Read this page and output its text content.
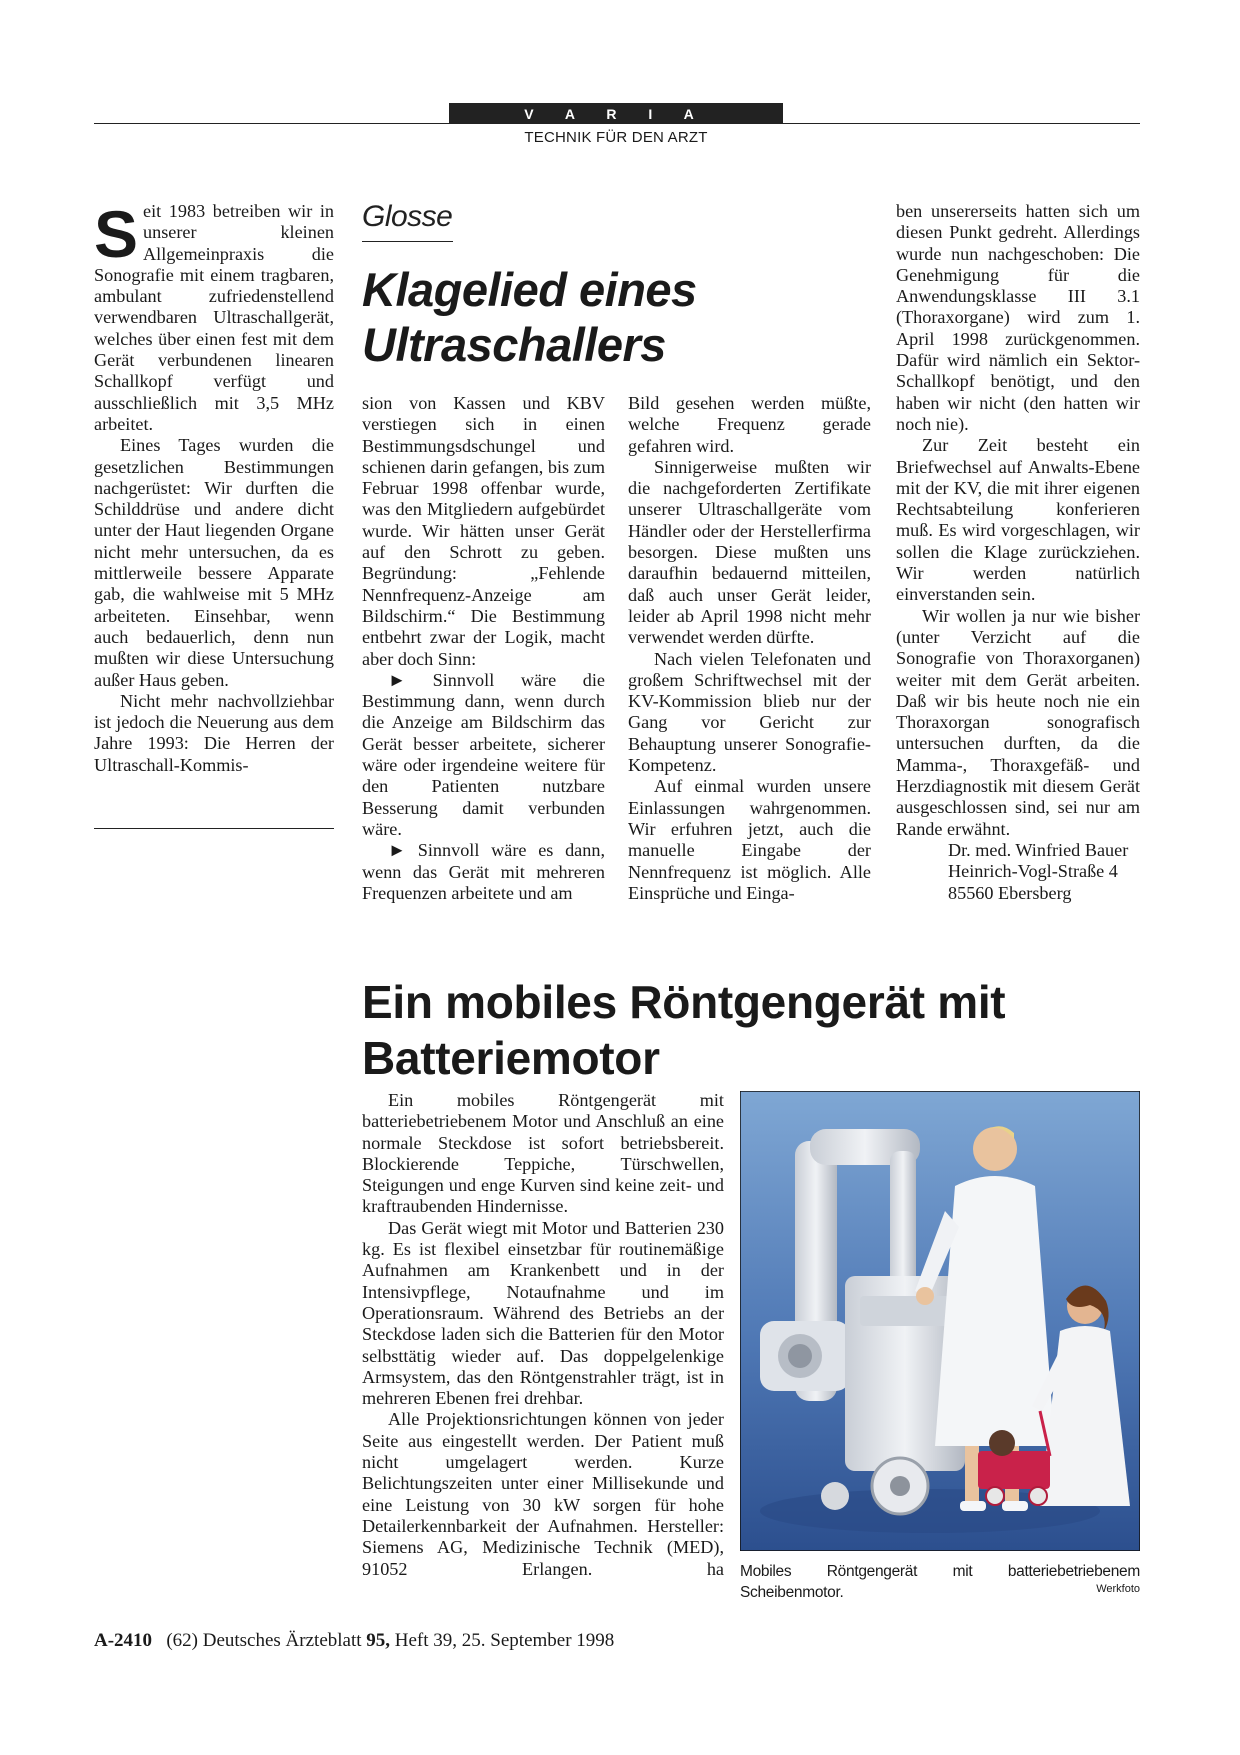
V A R I A
TECHNIK FÜR DEN ARZT
Glosse
Klagelied eines
Ultraschallers

Seit 1983 betreiben wir in unserer kleinen Allgemeinpraxis die Sonografie mit einem tragbaren, ambulant zufriedenstellend verwendbaren Ultraschallgerät, welches über einen fest mit dem Gerät verbundenen linearen Schallkopf verfügt und ausschließlich mit 3,5 MHz arbeitet.

Eines Tages wurden die gesetzlichen Bestimmungen nachgerüstet: Wir durften die Schilddrüse und andere dicht unter der Haut liegenden Organe nicht mehr untersuchen, da es mittlerweile bessere Apparate gab, die wahlweise mit 5 MHz arbeiteten. Einsehbar, wenn auch bedauerlich, denn nun mußten wir diese Untersuchung außer Haus geben.

Nicht mehr nachvollziehbar ist jedoch die Neuerung aus dem Jahre 1993: Die Herren der Ultraschall-Kommis-

sion von Kassen und KBV verstiegen sich in einen Bestimmungsdschungel und schienen darin gefangen, bis zum Februar 1998 offenbar wurde, was den Mitgliedern aufgebürdet wurde. Wir hätten unser Gerät auf den Schrott zu geben. Begründung: „Fehlende Nennfrequenz-Anzeige am Bildschirm.“ Die Bestimmung entbehrt zwar der Logik, macht aber doch Sinn:

► Sinnvoll wäre die Bestimmung dann, wenn durch die Anzeige am Bildschirm das Gerät besser arbeitete, sicherer wäre oder irgendeine weitere für den Patienten nutzbare Besserung damit verbunden wäre.

► Sinnvoll wäre es dann, wenn das Gerät mit mehreren Frequenzen arbeitete und am

Bild gesehen werden müßte, welche Frequenz gerade gefahren wird.

Sinnigerweise mußten wir die nachgeforderten Zertifikate unserer Ultraschallgeräte vom Händler oder der Herstellerfirma besorgen. Diese mußten uns daraufhin bedauernd mitteilen, daß auch unser Gerät leider, leider ab April 1998 nicht mehr verwendet werden dürfte.

Nach vielen Telefonaten und großem Schriftwechsel mit der KV-Kommission blieb nur der Gang vor Gericht zur Behauptung unserer Sonografie-Kompetenz.

Auf einmal wurden unsere Einlassungen wahrgenommen. Wir erfuhren jetzt, auch die manuelle Eingabe der Nennfrequenz ist möglich. Alle Einsprüche und Einga-

ben unsererseits hatten sich um diesen Punkt gedreht. Allerdings wurde nun nachgeschoben: Die Genehmigung für die Anwendungsklasse III 3.1 (Thoraxorgane) wird zum 1. April 1998 zurückgenommen. Dafür wird nämlich ein Sektor-Schallkopf benötigt, und den haben wir nicht (den hatten wir noch nie).

Zur Zeit besteht ein Briefwechsel auf Anwalts-Ebene mit der KV, die mit ihrer eigenen Rechtsabteilung konferieren muß. Es wird vorgeschlagen, wir sollen die Klage zurückziehen. Wir werden natürlich einverstanden sein.

Wir wollen ja nur wie bisher (unter Verzicht auf die Sonografie von Thoraxorganen) weiter mit dem Gerät arbeiten. Daß wir bis heute noch nie ein Thoraxorgan sonografisch untersuchen durften, da die Mamma-, Thoraxgefäß- und Herzdiagnostik mit diesem Gerät ausgeschlossen sind, sei nur am Rande erwähnt.

Dr. med. Winfried Bauer

Heinrich-Vogl-Straße 4

85560 Ebersberg

Ein mobiles Röntgengerät mit
Batteriemotor

Ein mobiles Röntgengerät mit batteriebetriebenem Motor und Anschluß an eine normale Steckdose ist sofort betriebsbereit. Blockierende Teppiche, Türschwellen, Steigungen und enge Kurven sind keine zeit- und kraftraubenden Hindernisse.

Das Gerät wiegt mit Motor und Batterien 230 kg. Es ist flexibel einsetzbar für routinemäßige Aufnahmen am Krankenbett und in der Intensivpflege, Notaufnahme und im Operationsraum. Während des Betriebs an der Steckdose laden sich die Batterien für den Motor selbsttätig wieder auf. Das doppelgelenkige Armsystem, das den Röntgenstrahler trägt, ist in mehreren Ebenen frei drehbar.

Alle Projektionsrichtungen können von jeder Seite aus eingestellt werden. Der Patient muß nicht umgelagert werden. Kurze Belichtungszeiten unter einer Millisekunde und eine Leistung von 30 kW sorgen für hohe Detailerkennbarkeit der Aufnahmen. Hersteller: Siemens AG, Medizinische Technik (MED), 91052 Erlangen.	ha Mobiles Röntgengerät mit batteriebetriebenem Scheibenmotor.	Werkfoto
A-2410 (62) Deutsches Ärzteblatt 95, Heft 39, 25. September 1998
